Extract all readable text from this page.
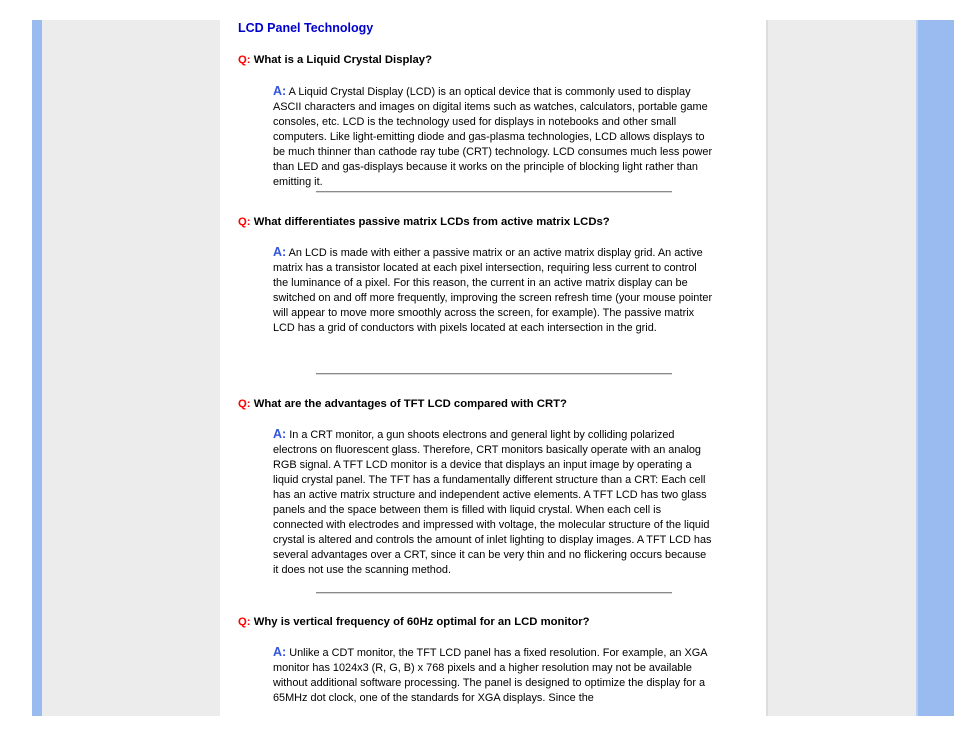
LCD Panel Technology

Q: What is a Liquid Crystal Display?

A: A Liquid Crystal Display (LCD) is an optical device that is commonly used to display ASCII characters and images on digital items such as watches, calculators, portable game consoles, etc. LCD is the technology used for displays in notebooks and other small computers. Like light-emitting diode and gas-plasma technologies, LCD allows displays to be much thinner than cathode ray tube (CRT) technology. LCD consumes much less power than LED and gas-displays because it works on the principle of blocking light rather than emitting it.

Q: What differentiates passive matrix LCDs from active matrix LCDs?

A: An LCD is made with either a passive matrix or an active matrix display grid. An active matrix has a transistor located at each pixel intersection, requiring less current to control the luminance of a pixel. For this reason, the current in an active matrix display can be switched on and off more frequently, improving the screen refresh time (your mouse pointer will appear to move more smoothly across the screen, for example). The passive matrix LCD has a grid of conductors with pixels located at each intersection in the grid.

Q: What are the advantages of TFT LCD compared with CRT?

A: In a CRT monitor, a gun shoots electrons and general light by colliding polarized electrons on fluorescent glass. Therefore, CRT monitors basically operate with an analog RGB signal. A TFT LCD monitor is a device that displays an input image by operating a liquid crystal panel. The TFT has a fundamentally different structure than a CRT: Each cell has an active matrix structure and independent active elements. A TFT LCD has two glass panels and the space between them is filled with liquid crystal. When each cell is connected with electrodes and impressed with voltage, the molecular structure of the liquid crystal is altered and controls the amount of inlet lighting to display images. A TFT LCD has several advantages over a CRT, since it can be very thin and no flickering occurs because it does not use the scanning method.

Q: Why is vertical frequency of 60Hz optimal for an LCD monitor?

A: Unlike a CDT monitor, the TFT LCD panel has a fixed resolution. For example, an XGA monitor has 1024x3 (R, G, B) x 768 pixels and a higher resolution may not be available without additional software processing. The panel is designed to optimize the display for a 65MHz dot clock, one of the standards for XGA displays. Since the
